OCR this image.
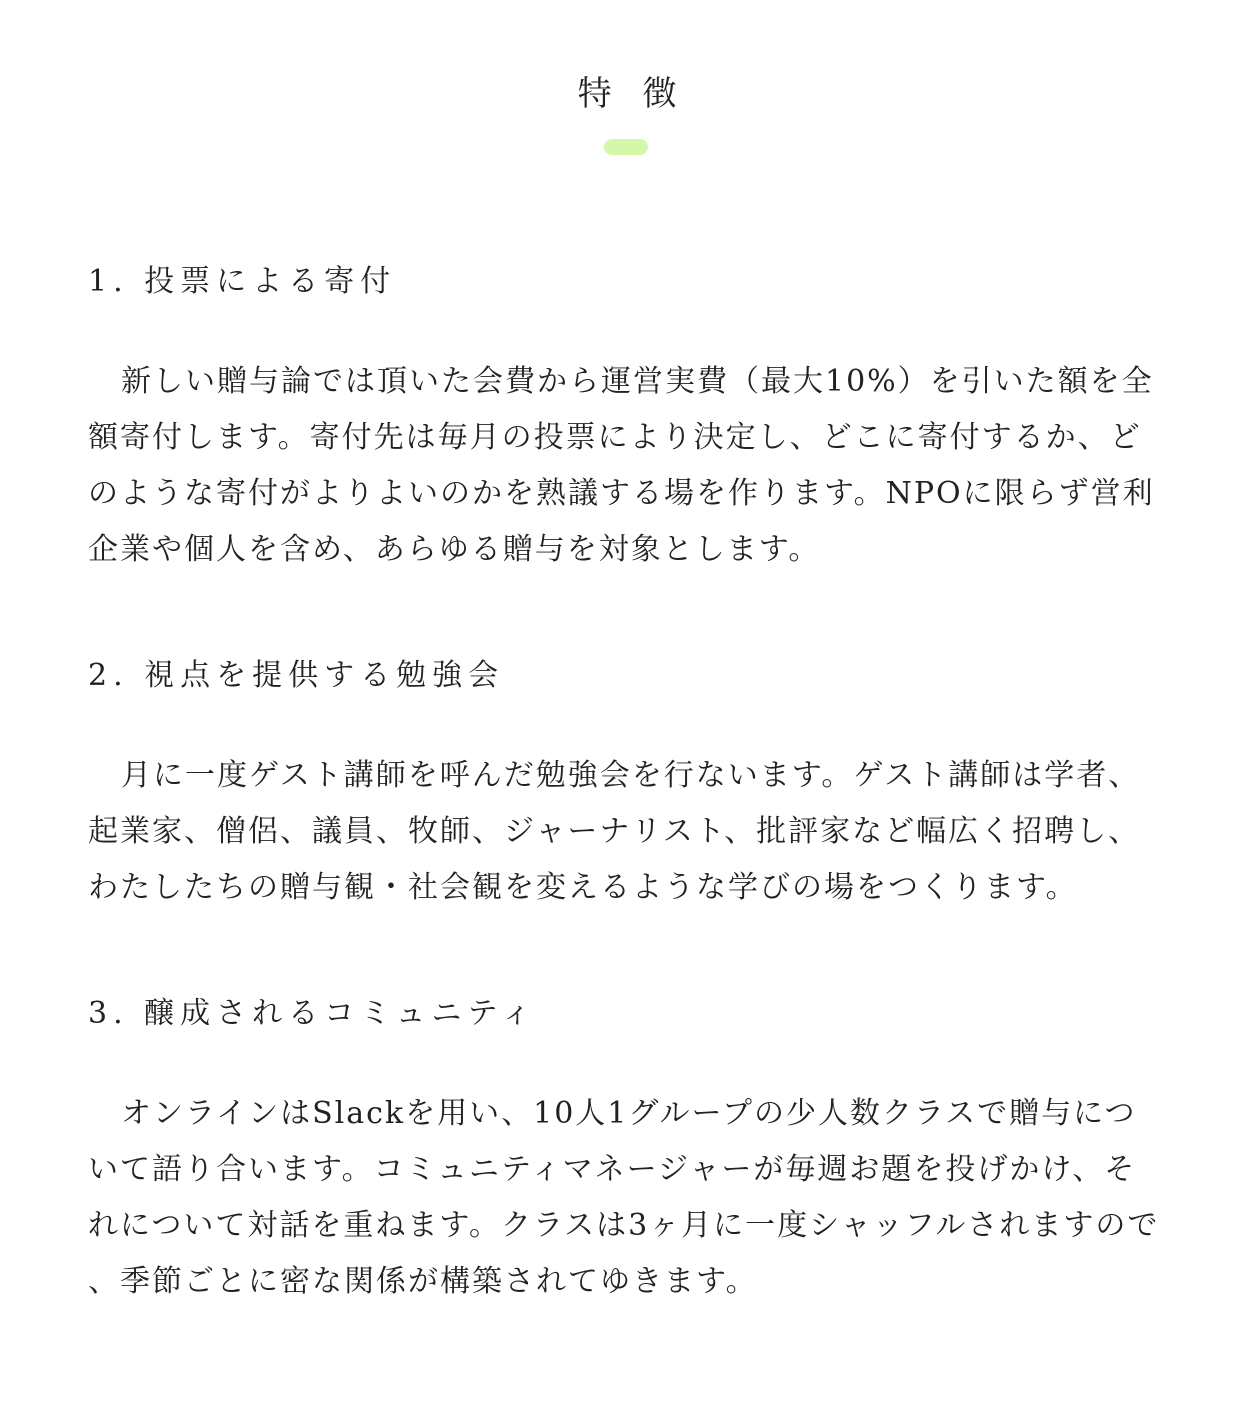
特 徴
1. 投票による寄付

新しい贈与論では頂いた会費から運営実費（最大10%）を引いた額を全額寄付します。寄付先は毎月の投票により決定し、どこに寄付するか、どのような寄付がよりよいのかを熟議する場を作ります。NPOに限らず営利企業や個人を含め、あらゆる贈与を対象とします。

2. 視点を提供する勉強会

月に一度ゲスト講師を呼んだ勉強会を行ないます。ゲスト講師は学者、起業家、僧侶、議員、牧師、ジャーナリスト、批評家など幅広く招聘し、わたしたちの贈与観・社会観を変えるような学びの場をつくります。

3. 醸成されるコミュニティ

オンラインはSlackを用い、10人1グループの少人数クラスで贈与について語り合います。コミュニティマネージャーが毎週お題を投げかけ、それについて対話を重ねます。クラスは3ヶ月に一度シャッフルされますので、季節ごとに密な関係が構築されてゆきます。
